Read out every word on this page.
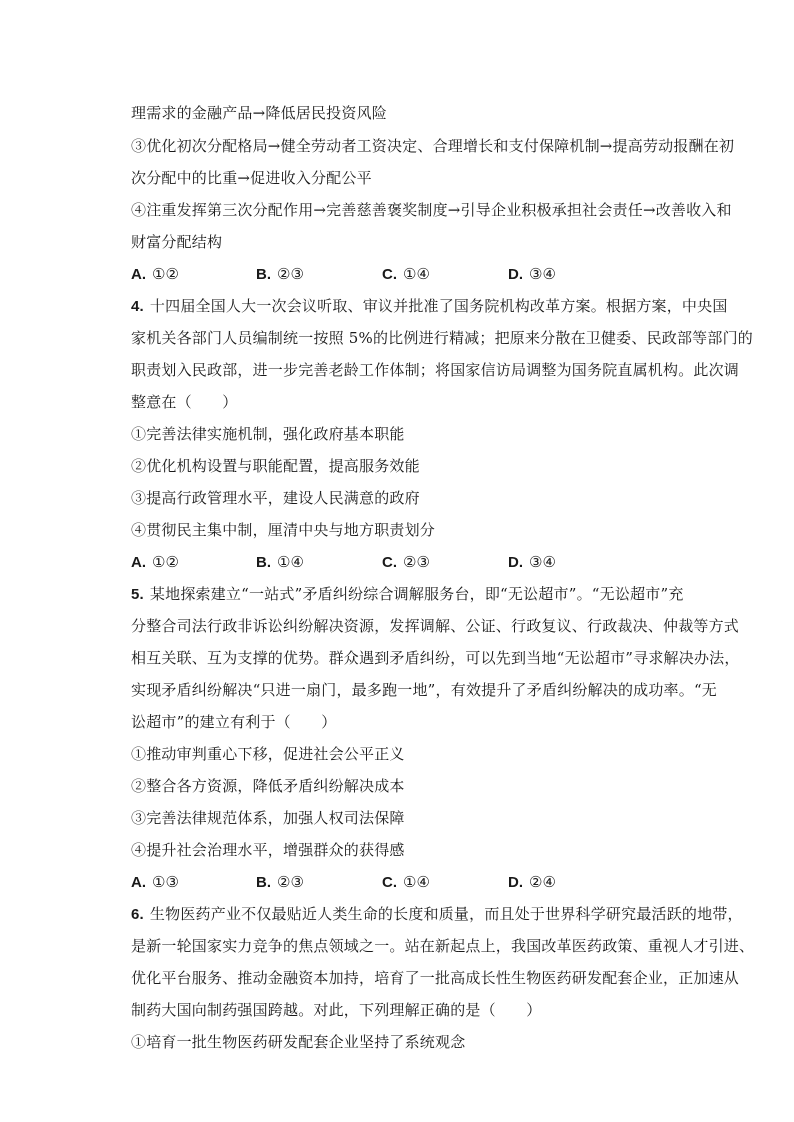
理需求的金融产品→降低居民投资风险
③优化初次分配格局→健全劳动者工资决定、合理增长和支付保障机制→提高劳动报酬在初
次分配中的比重→促进收入分配公平
④注重发挥第三次分配作用→完善慈善褒奖制度→引导企业积极承担社会责任→改善收入和
财富分配结构
A. ①②	B. ②③	C. ①④	D. ③④
4. 十四届全国人大一次会议听取、审议并批准了国务院机构改革方案。根据方案，中央国
家机关各部门人员编制统一按照 5%的比例进行精减；把原来分散在卫健委、民政部等部门的
职责划入民政部，进一步完善老龄工作体制；将国家信访局调整为国务院直属机构。此次调
整意在（　　）
①完善法律实施机制，强化政府基本职能
②优化机构设置与职能配置，提高服务效能
③提高行政管理水平，建设人民满意的政府
④贯彻民主集中制，厘清中央与地方职责划分
A. ①②	B. ①④	C. ②③	D. ③④
5. 某地探索建立“一站式”矛盾纠纷综合调解服务台，即“无讼超市”。“无讼超市”充
分整合司法行政非诉讼纠纷解决资源，发挥调解、公证、行政复议、行政裁决、仲裁等方式
相互关联、互为支撑的优势。群众遇到矛盾纠纷，可以先到当地“无讼超市”寻求解决办法，
实现矛盾纠纷解决“只进一扇门，最多跑一地”，有效提升了矛盾纠纷解决的成功率。“无
讼超市”的建立有利于（　　）
①推动审判重心下移，促进社会公平正义
②整合各方资源，降低矛盾纠纷解决成本
③完善法律规范体系，加强人权司法保障
④提升社会治理水平，增强群众的获得感
A. ①③	B. ②③	C. ①④	D. ②④
6. 生物医药产业不仅最贴近人类生命的长度和质量，而且处于世界科学研究最活跃的地带，
是新一轮国家实力竞争的焦点领域之一。站在新起点上，我国改革医药政策、重视人才引进、
优化平台服务、推动金融资本加持，培育了一批高成长性生物医药研发配套企业，正加速从
制药大国向制药强国跨越。对此，下列理解正确的是（　　）
①培育一批生物医药研发配套企业坚持了系统观念
